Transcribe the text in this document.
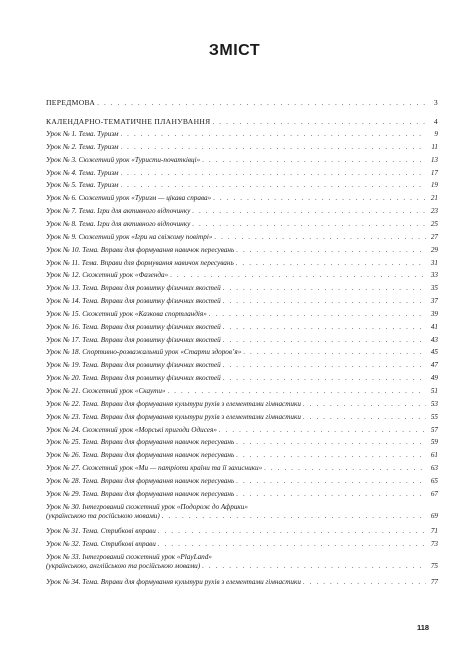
ЗМІСТ
ПЕРЕДМОВА . . .	3
КАЛЕНДАРНО-ТЕМАТИЧНЕ ПЛАНУВАННЯ . . .	4
Урок № 1. Тема. Туризм . . .	9
Урок № 2. Тема. Туризм . . .	11
Урок № 3. Сюжетний урок «Туристи-початківці» . . .	13
Урок № 4. Тема. Туризм . . .	17
Урок № 5. Тема. Туризм . . .	19
Урок № 6. Сюжетний урок «Туризм — цікава справа» . . .	21
Урок № 7. Тема. Ігри для активного відпочинку . . .	23
Урок № 8. Тема. Ігри для активного відпочинку . . .	25
Урок № 9. Сюжетний урок «Ігри на свіжому повітрі» . . .	27
Урок № 10. Тема. Вправи для формування навичок пересувань . . .	29
Урок № 11. Тема. Вправи для формування навичок пересувань . . .	31
Урок № 12. Сюжетний урок «Фазенда» . . .	33
Урок № 13. Тема. Вправи для розвитку фізичних якостей . . .	35
Урок № 14. Тема. Вправи для розвитку фізичних якостей . . .	37
Урок № 15. Сюжетний урок «Казкова спортландія» . . .	39
Урок № 16. Тема. Вправи для розвитку фізичних якостей . . .	41
Урок № 17. Тема. Вправи для розвитку фізичних якостей . . .	43
Урок № 18. Спортивно-розважальний урок «Старти здоров’я» . . .	45
Урок № 19. Тема. Вправи для розвитку фізичних якостей . . .	47
Урок № 20. Тема. Вправи для розвитку фізичних якостей . . .	49
Урок № 21. Сюжетний урок «Скаути» . . .	51
Урок № 22. Тема. Вправи для формування культури рухів з елементами гімнастики . . .	53
Урок № 23. Тема. Вправи для формування культури рухів з елементами гімнастики . . .	55
Урок № 24. Сюжетний урок «Морські пригоди Одисея» . . .	57
Урок № 25. Тема. Вправи для формування навичок пересувань . . .	59
Урок № 26. Тема. Вправи для формування навичок пересувань . . .	61
Урок № 27. Сюжетний урок «Ми — патріоти країни та її захисники» . . .	63
Урок № 28. Тема. Вправи для формування навичок пересувань . . .	65
Урок № 29. Тема. Вправи для формування навичок пересувань . . .	67
Урок № 30. Інтегрований сюжетний урок «Подорож до Африки»
(українською та російською мовами) . . .	69
Урок № 31. Тема. Стрибкові вправи . . .	71
Урок № 32. Тема. Стрибкові вправи . . .	73
Урок № 33. Інтегрований сюжетний урок «PlayLand»
(українською, англійською та російською мовами) . . .	75
Урок № 34. Тема. Вправи для формування культури рухів з елементами гімнастики . . .	77
118
